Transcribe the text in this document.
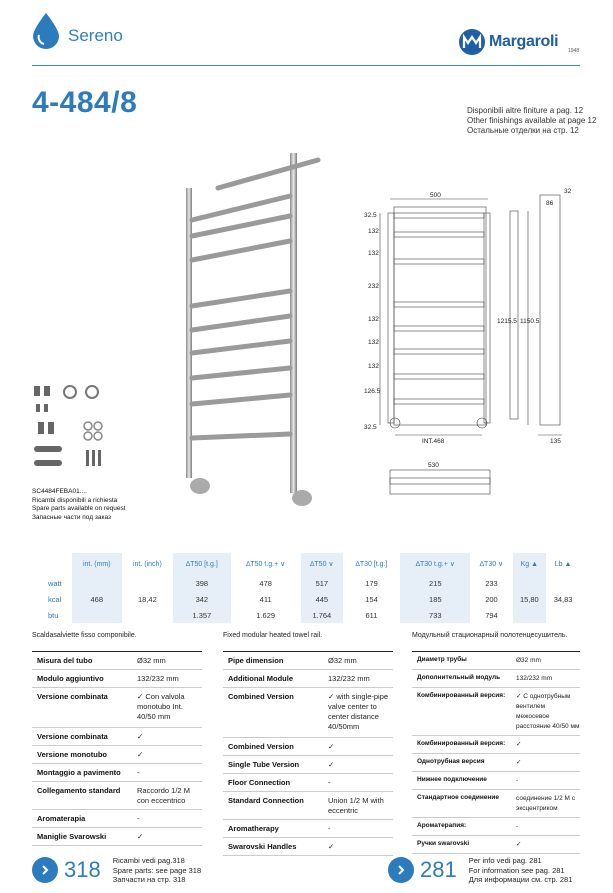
Sereno	Margaroli
1948
4-484/8	Disponibili altre finiture a pag. 12
Other finishings available at page 12
Остальные отделки на стр. 12
SC4484FEBA01....
Ricambi disponibili a richiesta
Spare parts available on request
Запасные части под заказ
500
32.5
86
32
132
132
232
132
132
132
126.5
32.5
1215.5 1150.5
INT.468
530
135
	int. (mm)	int. (inch)	∆T50 [t.g.]	∆T50 t.g.+ ∨	∆T50 ∨	∆T30 [t.g.]	∆T30 t.g.+ ∨	∆T30 ∨	Kg ▲	Lb ▲
watt	468	18,42	398	478	517	179	215	233	15,80	34,83
kcal			342	411	445	154	185	200		
btu			1.357	1.629	1.764	611	733	794		
Scaldasalviette fisso componibile.	Fixed modular heated towel rail.	Модульный стационарный полотенцесушитель.
Misura del tubo	Ø32 mm
Modulo aggiuntivo	132/232 mm
Versione combinata	✓ Con valvola monotubo Int. 40/50 mm
Versione combinata	✓
Versione monotubo	✓
Montaggio a pavimento	-
Collegamento standard	Raccordo 1/2 M con eccentrico
Aromaterapia	-
Maniglie Svarowski	✓
Pipe dimension	Ø32 mm
Additional Module	132/232 mm
Combined Version	✓ with single-pipe valve center to center distance 40/50mm
Combined Version	✓
Single Tube Version	✓
Floor Connection	-
Standard Connection	Union 1/2 M with eccentric
Aromatherapy	-
Swarovski Handles	✓
Диаметр трубы	Ø32 mm
Дополнительный модуль	132/232 mm
Комбинированный версия:	✓ С однотрубным вентилем межосевое расстояние 40/50 мм
Комбинированный версия:	✓
Однотрубная версия	✓
Нижнее подключение	-
Стандартное соединение	соединение 1/2 M с эксцентриком
Ароматерапия:	-
Ручки swarovski	✓
318 Ricambi vedi pag.318
Spare parts: see page 318
Запчасти на стр. 318	281 Per info vedi pag. 281
For information see pag. 281
Для информации см. стр. 281
